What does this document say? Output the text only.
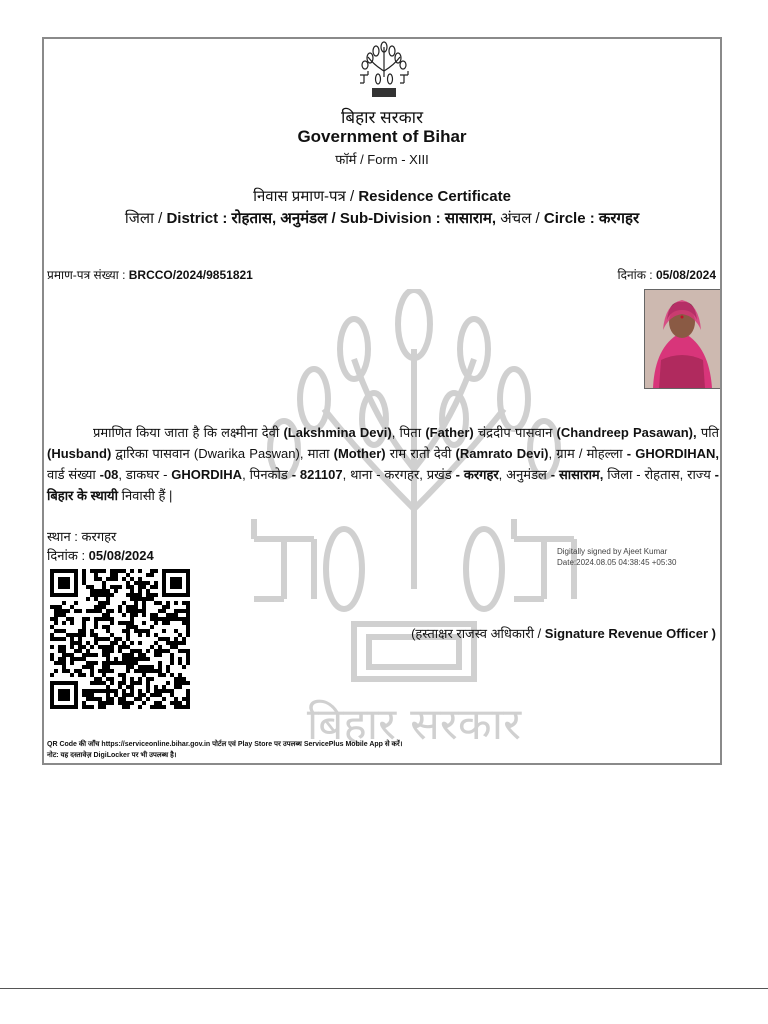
बिहार सरकार
बिहार सरकार
Government of Bihar
फॉर्म / Form - XIII
निवास प्रमाण-पत्र / Residence Certificate
जिला / District : रोहतास, अनुमंडल / Sub-Division : सासाराम, अंचल / Circle : करगहर
प्रमाण-पत्र संख्या : BRCCO/2024/9851821	दिनांक : 05/08/2024
प्रमाणित किया जाता है कि लक्ष्मीना देवी (Lakshmina Devi), पिता (Father) चंद्रदीप पासवान (Chandreep Pasawan), पति (Husband) द्वारिका पासवान (Dwarika Paswan), माता (Mother) राम रातो देवी (Ramrato Devi), ग्राम / मोहल्ला - GHORDIHAN, वार्ड संख्या -08, डाकघर - GHORDIHA, पिनकोड - 821107, थाना - करगहर, प्रखंड - करगहर, अनुमंडल - सासाराम, जिला - रोहतास, राज्य - बिहार के स्थायी निवासी हैं |
स्थान : करगहर
दिनांक : 05/08/2024	Digitally signed by Ajeet Kumar
Date:2024.08.05 04:38:45 +05:30
(हस्ताक्षर राजस्व अधिकारी / Signature Revenue Officer )
QR Code की जाँच https://serviceonline.bihar.gov.in पोर्टल एवं Play Store पर उपलब्ध ServicePlus Mobile App से करें।
नोट: यह दस्तावेज़ DigiLocker पर भी उपलब्ध है।
